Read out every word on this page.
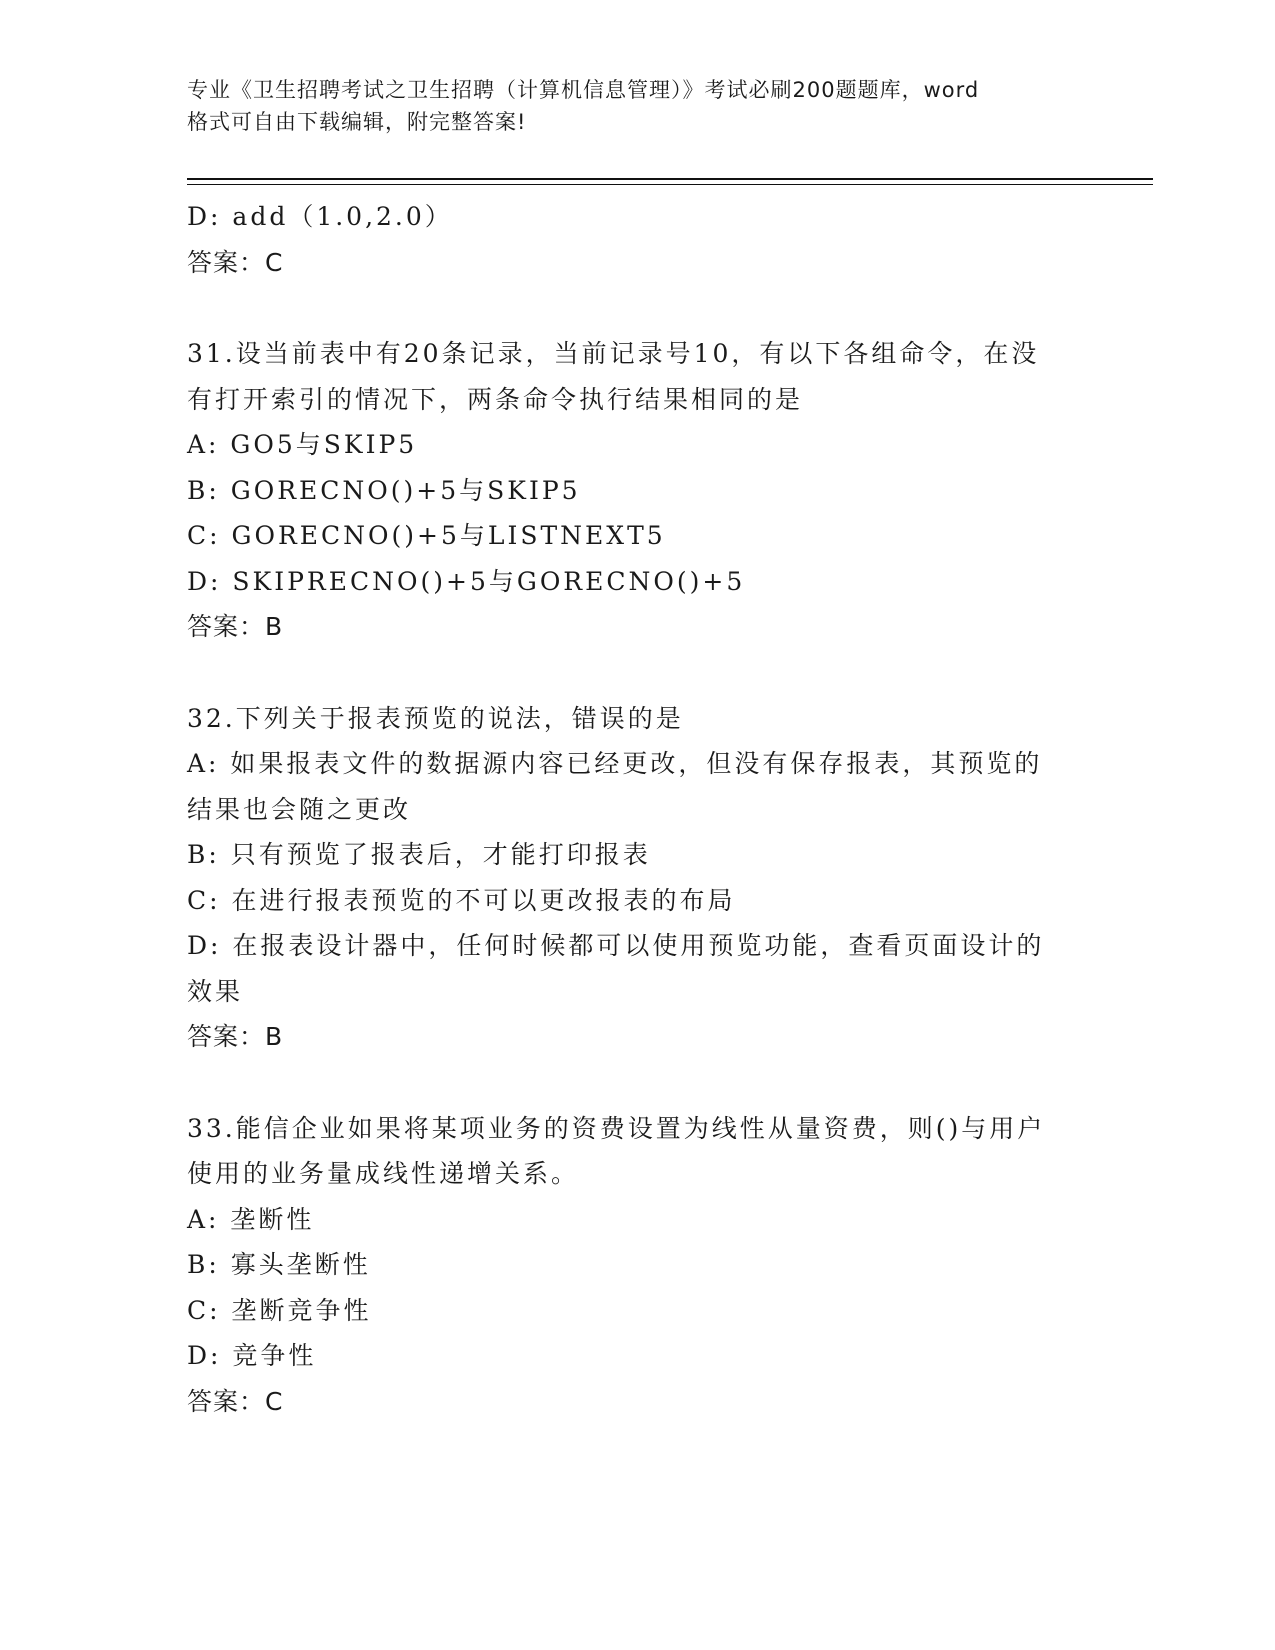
专业《卫生招聘考试之卫生招聘（计算机信息管理）》考试必刷200题题库，word
格式可自由下载编辑，附完整答案!
D: add（1.0,2.0）
答案：C
31.设当前表中有20条记录，当前记录号10，有以下各组命令，在没
有打开索引的情况下，两条命令执行结果相同的是
A: GO5与SKIP5
B: GORECNO()+5与SKIP5
C: GORECNO()+5与LISTNEXT5
D: SKIPRECNO()+5与GORECNO()+5
答案：B
32.下列关于报表预览的说法，错误的是
A: 如果报表文件的数据源内容已经更改，但没有保存报表，其预览的
结果也会随之更改
B: 只有预览了报表后，才能打印报表
C: 在进行报表预览的不可以更改报表的布局
D: 在报表设计器中，任何时候都可以使用预览功能，查看页面设计的
效果
答案：B
33.能信企业如果将某项业务的资费设置为线性从量资费，则()与用户
使用的业务量成线性递增关系。
A: 垄断性
B: 寡头垄断性
C: 垄断竞争性
D: 竞争性
答案：C
